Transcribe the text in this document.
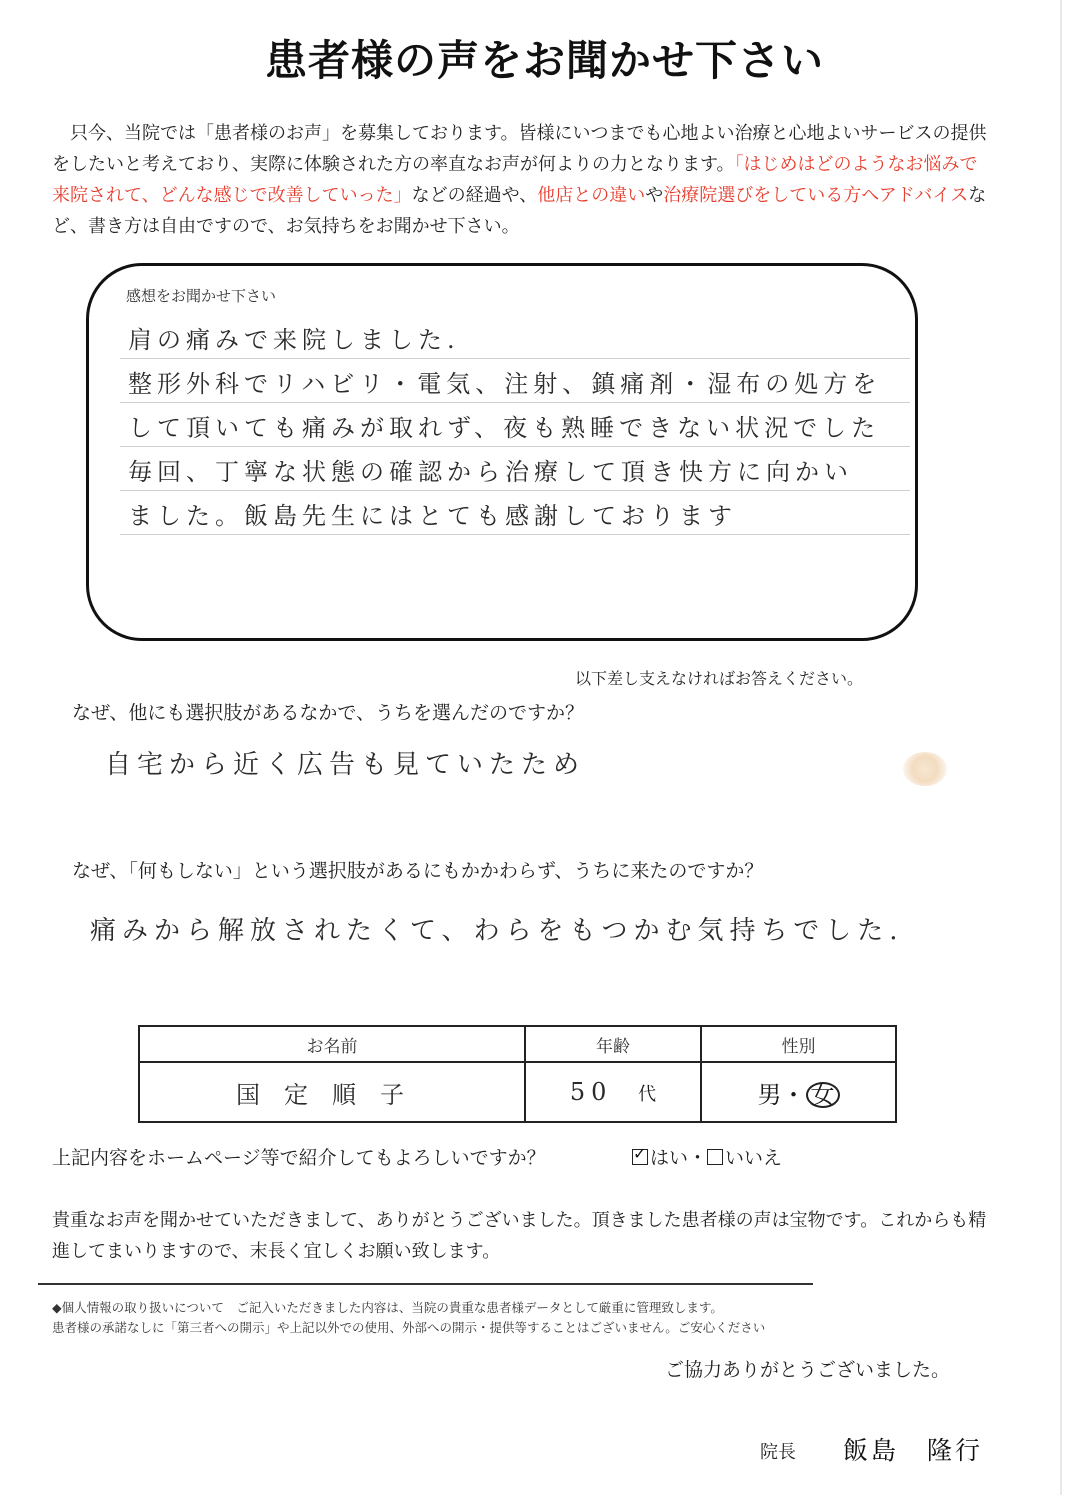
患者様の声をお聞かせ下さい
只今、当院では「患者様のお声」を募集しております。皆様にいつまでも心地よい治療と心地よいサービスの提供をしたいと考えており、実際に体験された方の率直なお声が何よりの力となります。「はじめはどのようなお悩みで来院されて、どんな感じで改善していった」などの経過や、他店との違いや治療院選びをしている方へアドバイスなど、書き方は自由ですので、お気持ちをお聞かせ下さい。
感想をお聞かせ下さい
肩の痛みで来院しました.
整形外科でリハビリ・電気、注射、鎮痛剤・湿布の処方を
して頂いても痛みが取れず、夜も熟睡できない状況でした
毎回、丁寧な状態の確認から治療して頂き快方に向かい
ました。飯島先生にはとても感謝しております
以下差し支えなければお答えください。
なぜ、他にも選択肢があるなかで、うちを選んだのですか？
自宅から近く広告も見ていたため
なぜ、「何もしない」という選択肢があるにもかかわらず、うちに来たのですか？
痛みから解放されたくて、わらをもつかむ気持ちでした.
お名前	年齢	性別
国定順子	50 代	男・ 女
上記内容をホームページ等で紹介してもよろしいですか？ ✓	はい・ いいえ
貴重なお声を聞かせていただきまして、ありがとうございました。頂きました患者様の声は宝物です。これからも精進してまいりますので、末長く宜しくお願い致します。
◆個人情報の取り扱いについて　ご記入いただきました内容は、当院の貴重な患者様データとして厳重に管理致します。
患者様の承諾なしに「第三者への開示」や上記以外での使用、外部への開示・提供等することはございません。ご安心ください
ご協力ありがとうございました。
院長 飯島　隆行
